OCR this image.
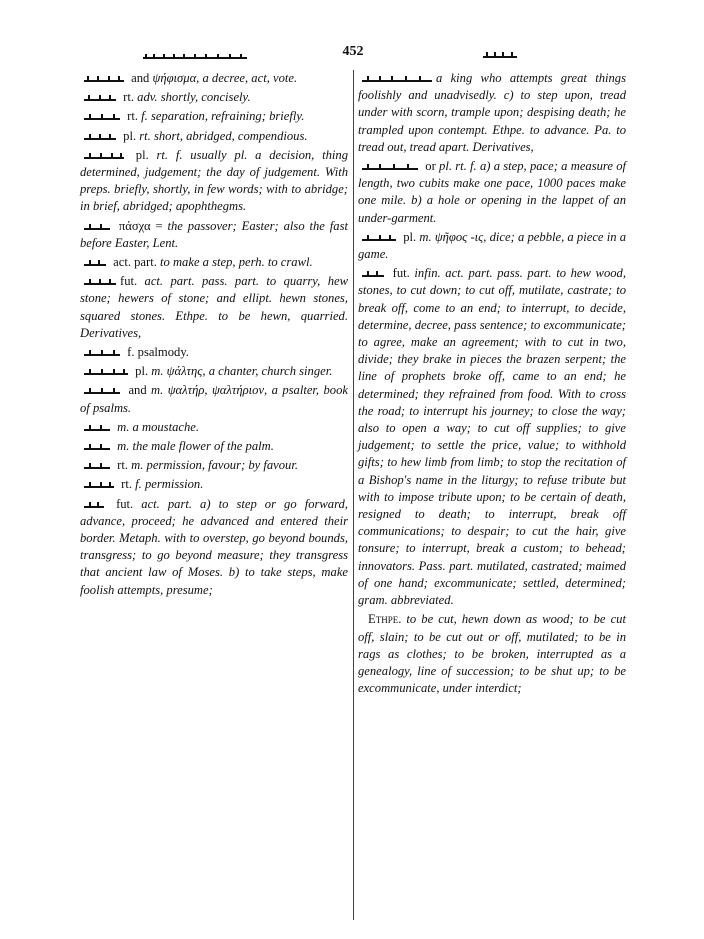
452

and ψήφισμα, a decree, act, vote.

rt. adv. shortly, concisely.

rt. f. separation, refraining; briefly.

pl. rt. short, abridged, compendious.

pl. rt. f. usually pl. a decision, thing determined, judgement; the day of judgement. With preps. briefly, shortly, in few words; with to abridge; in brief, abridged; apophthegms.

πάσχα = the passover; Easter; also the fast before Easter, Lent.

act. part. to make a step, perh. to crawl.

fut. act. part. pass. part. to quarry, hew stone; hewers of stone; and ellipt. hewn stones, squared stones. Ethpe. to be hewn, quarried. Derivatives,

f. psalmody.

pl. m. ψάλτης, a chanter, church singer.

and m. ψαλτήρ, ψαλτήριον, a psalter, book of psalms.

m. a moustache.

m. the male flower of the palm.

rt. m. permission, favour; by favour.

rt. f. permission.

fut. act. part. a) to step or go forward, advance, proceed; he advanced and entered their border. Metaph. with to overstep, go beyond bounds, transgress; to go beyond measure; they transgress that ancient law of Moses. b) to take steps, make foolish attempts, presume;

a king who attempts great things foolishly and unadvisedly. c) to step upon, tread under with scorn, trample upon; despising death; he trampled upon contempt. Ethpe. to advance. Pa. to tread out, tread apart. Derivatives,

or pl. rt. f. a) a step, pace; a measure of length, two cubits make one pace, 1000 paces make one mile. b) a hole or opening in the lappet of an under-garment.

pl. m. ψῆφος -ις, dice; a pebble, a piece in a game.

fut. infin. act. part. pass. part. to hew wood, stones, to cut down; to cut off, mutilate, castrate; to break off, come to an end; to interrupt, to decide, determine, decree, pass sentence; to excommunicate; to agree, make an agreement; with to cut in two, divide; they brake in pieces the brazen serpent; the line of prophets broke off, came to an end; he determined; they refrained from food. With to cross the road; to interrupt his journey; to close the way; also to open a way; to cut off supplies; to give judgement; to settle the price, value; to withhold gifts; to hew limb from limb; to stop the recitation of a Bishop's name in the liturgy; to refuse tribute but with to impose tribute upon; to be certain of death, resigned to death; to interrupt, break off communications; to despair; to cut the hair, give tonsure; to interrupt, break a custom; to behead; innovators. Pass. part. mutilated, castrated; maimed of one hand; excommunicate; settled, determined; gram. abbreviated.

Ethpe. to be cut, hewn down as wood; to be cut off, slain; to be cut out or off, mutilated; to be in rags as clothes; to be broken, interrupted as a genealogy, line of succession; to be shut up; to be excommunicate, under interdict;
